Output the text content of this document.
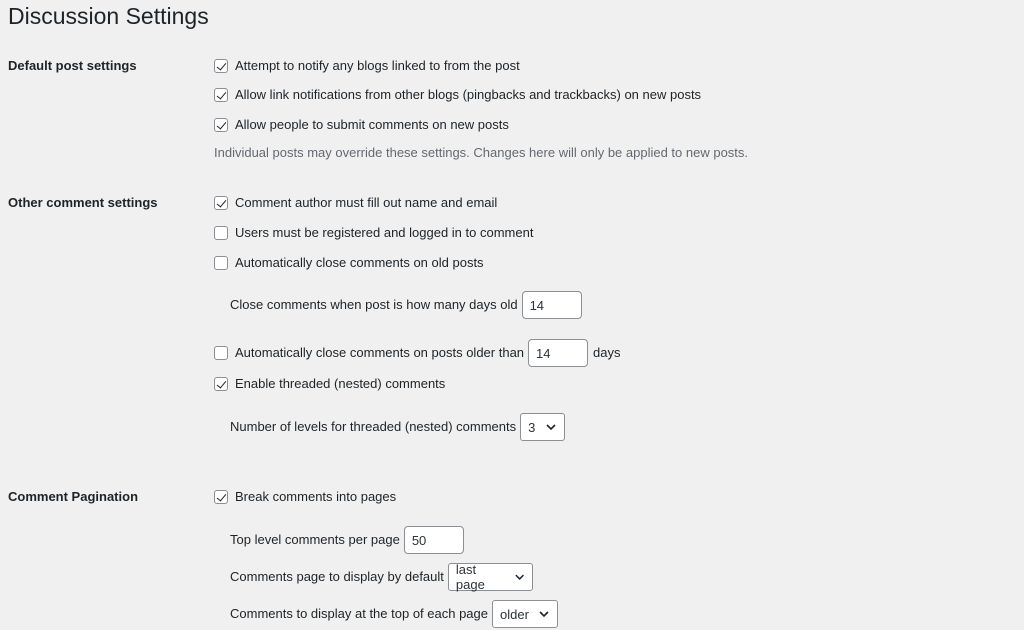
Discussion Settings
Default post settings	Attempt to notify any blogs linked to from the post
Allow link notifications from other blogs (pingbacks and trackbacks) on new posts
Allow people to submit comments on new posts
Individual posts may override these settings. Changes here will only be applied to new posts.
Other comment settings	Comment author must fill out name and email
Users must be registered and logged in to comment
Automatically close comments on old posts
Close comments when post is how many days old 14
Automatically close comments on posts older than 14	days
Enable threaded (nested) comments
Number of levels for threaded (nested) comments 3
Comment Pagination	Break comments into pages
Top level comments per page 50
Comments page to display by default last page
Comments to display at the top of each page older
